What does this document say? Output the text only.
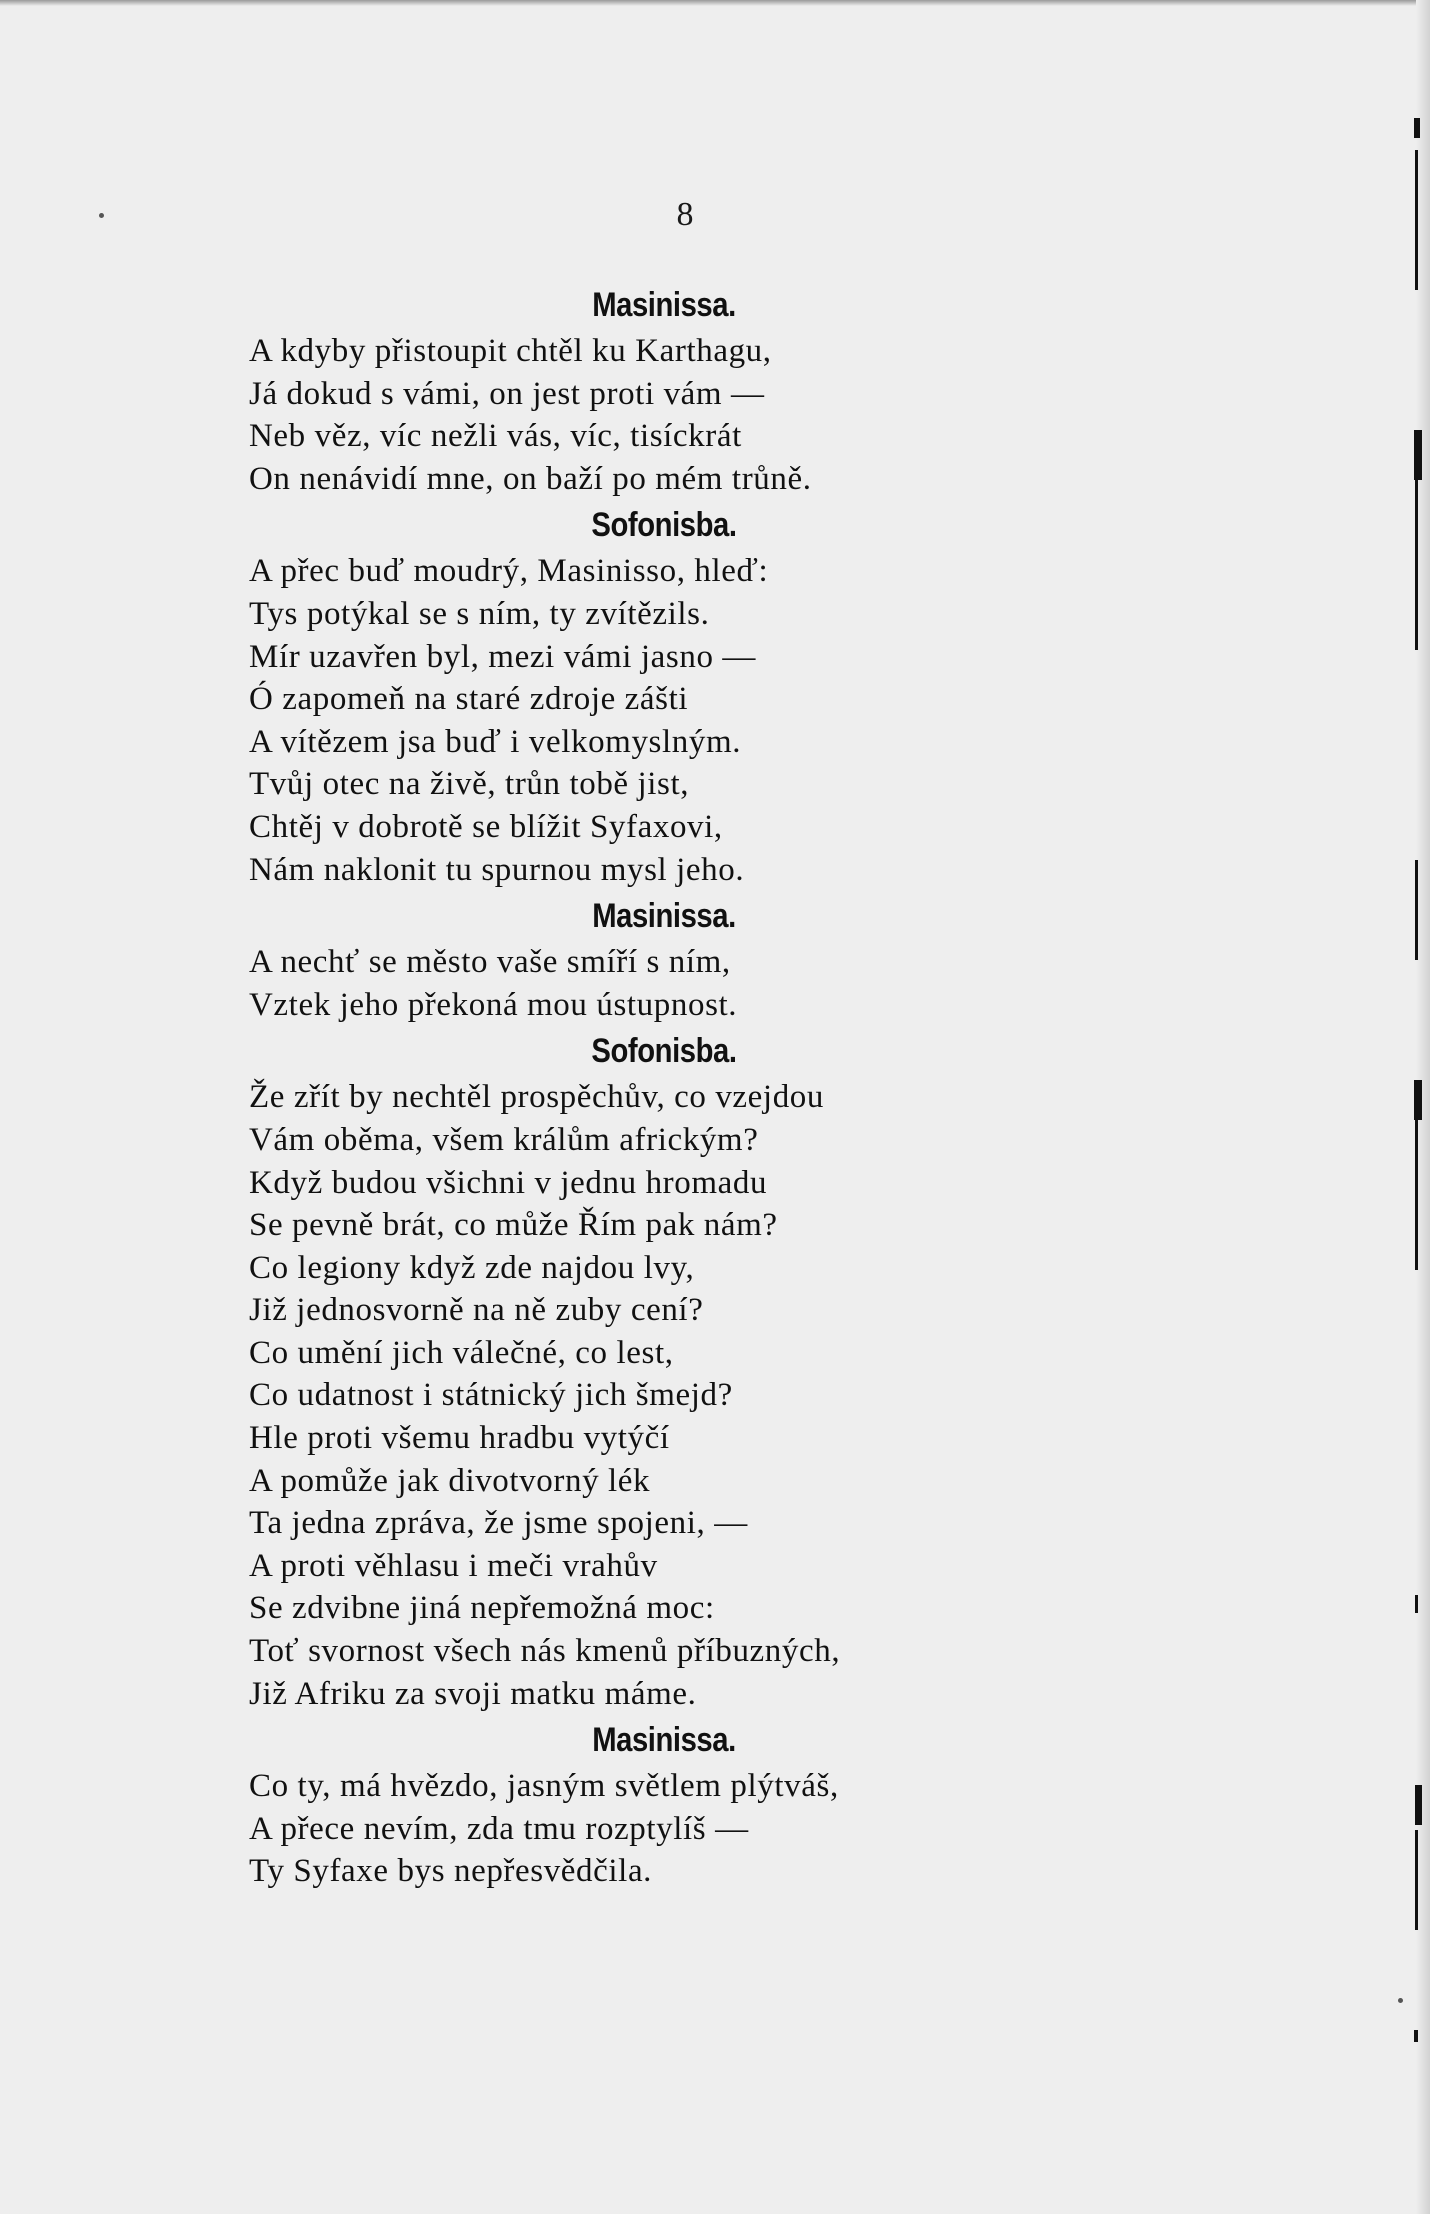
8
Masinissa.
A kdyby přistoupit chtěl ku Karthagu,
Já dokud s vámi, on jest proti vám —
Neb věz, víc nežli vás, víc, tisíckrát
On nenávidí mne, on baží po mém trůně.
Sofonisba.
A přec buď moudrý, Masinisso, hleď:
Tys potýkal se s ním, ty zvítězils.
Mír uzavřen byl, mezi vámi jasno —
Ó zapomeň na staré zdroje zášti
A vítězem jsa buď i velkomyslným.
Tvůj otec na živě, trůn tobě jist,
Chtěj v dobrotě se blížit Syfaxovi,
Nám naklonit tu spurnou mysl jeho.
Masinissa.
A nechť se město vaše smíří s ním,
Vztek jeho překoná mou ústupnost.
Sofonisba.
Že zřít by nechtěl prospěchův, co vzejdou
Vám oběma, všem králům africkým?
Když budou všichni v jednu hromadu
Se pevně brát, co může Řím pak nám?
Co legiony když zde najdou lvy,
Již jednosvorně na ně zuby cení?
Co umění jich válečné, co lest,
Co udatnost i státnický jich šmejd?
Hle proti všemu hradbu vytýčí
A pomůže jak divotvorný lék
Ta jedna zpráva, že jsme spojeni, —
A proti věhlasu i meči vrahův
Se zdvibne jiná nepřemožná moc:
Toť svornost všech nás kmenů příbuzných,
Již Afriku za svoji matku máme.
Masinissa.
Co ty, má hvězdo, jasným světlem plýtváš,
A přece nevím, zda tmu rozptylíš —
Ty Syfaxe bys nepřesvědčila.
